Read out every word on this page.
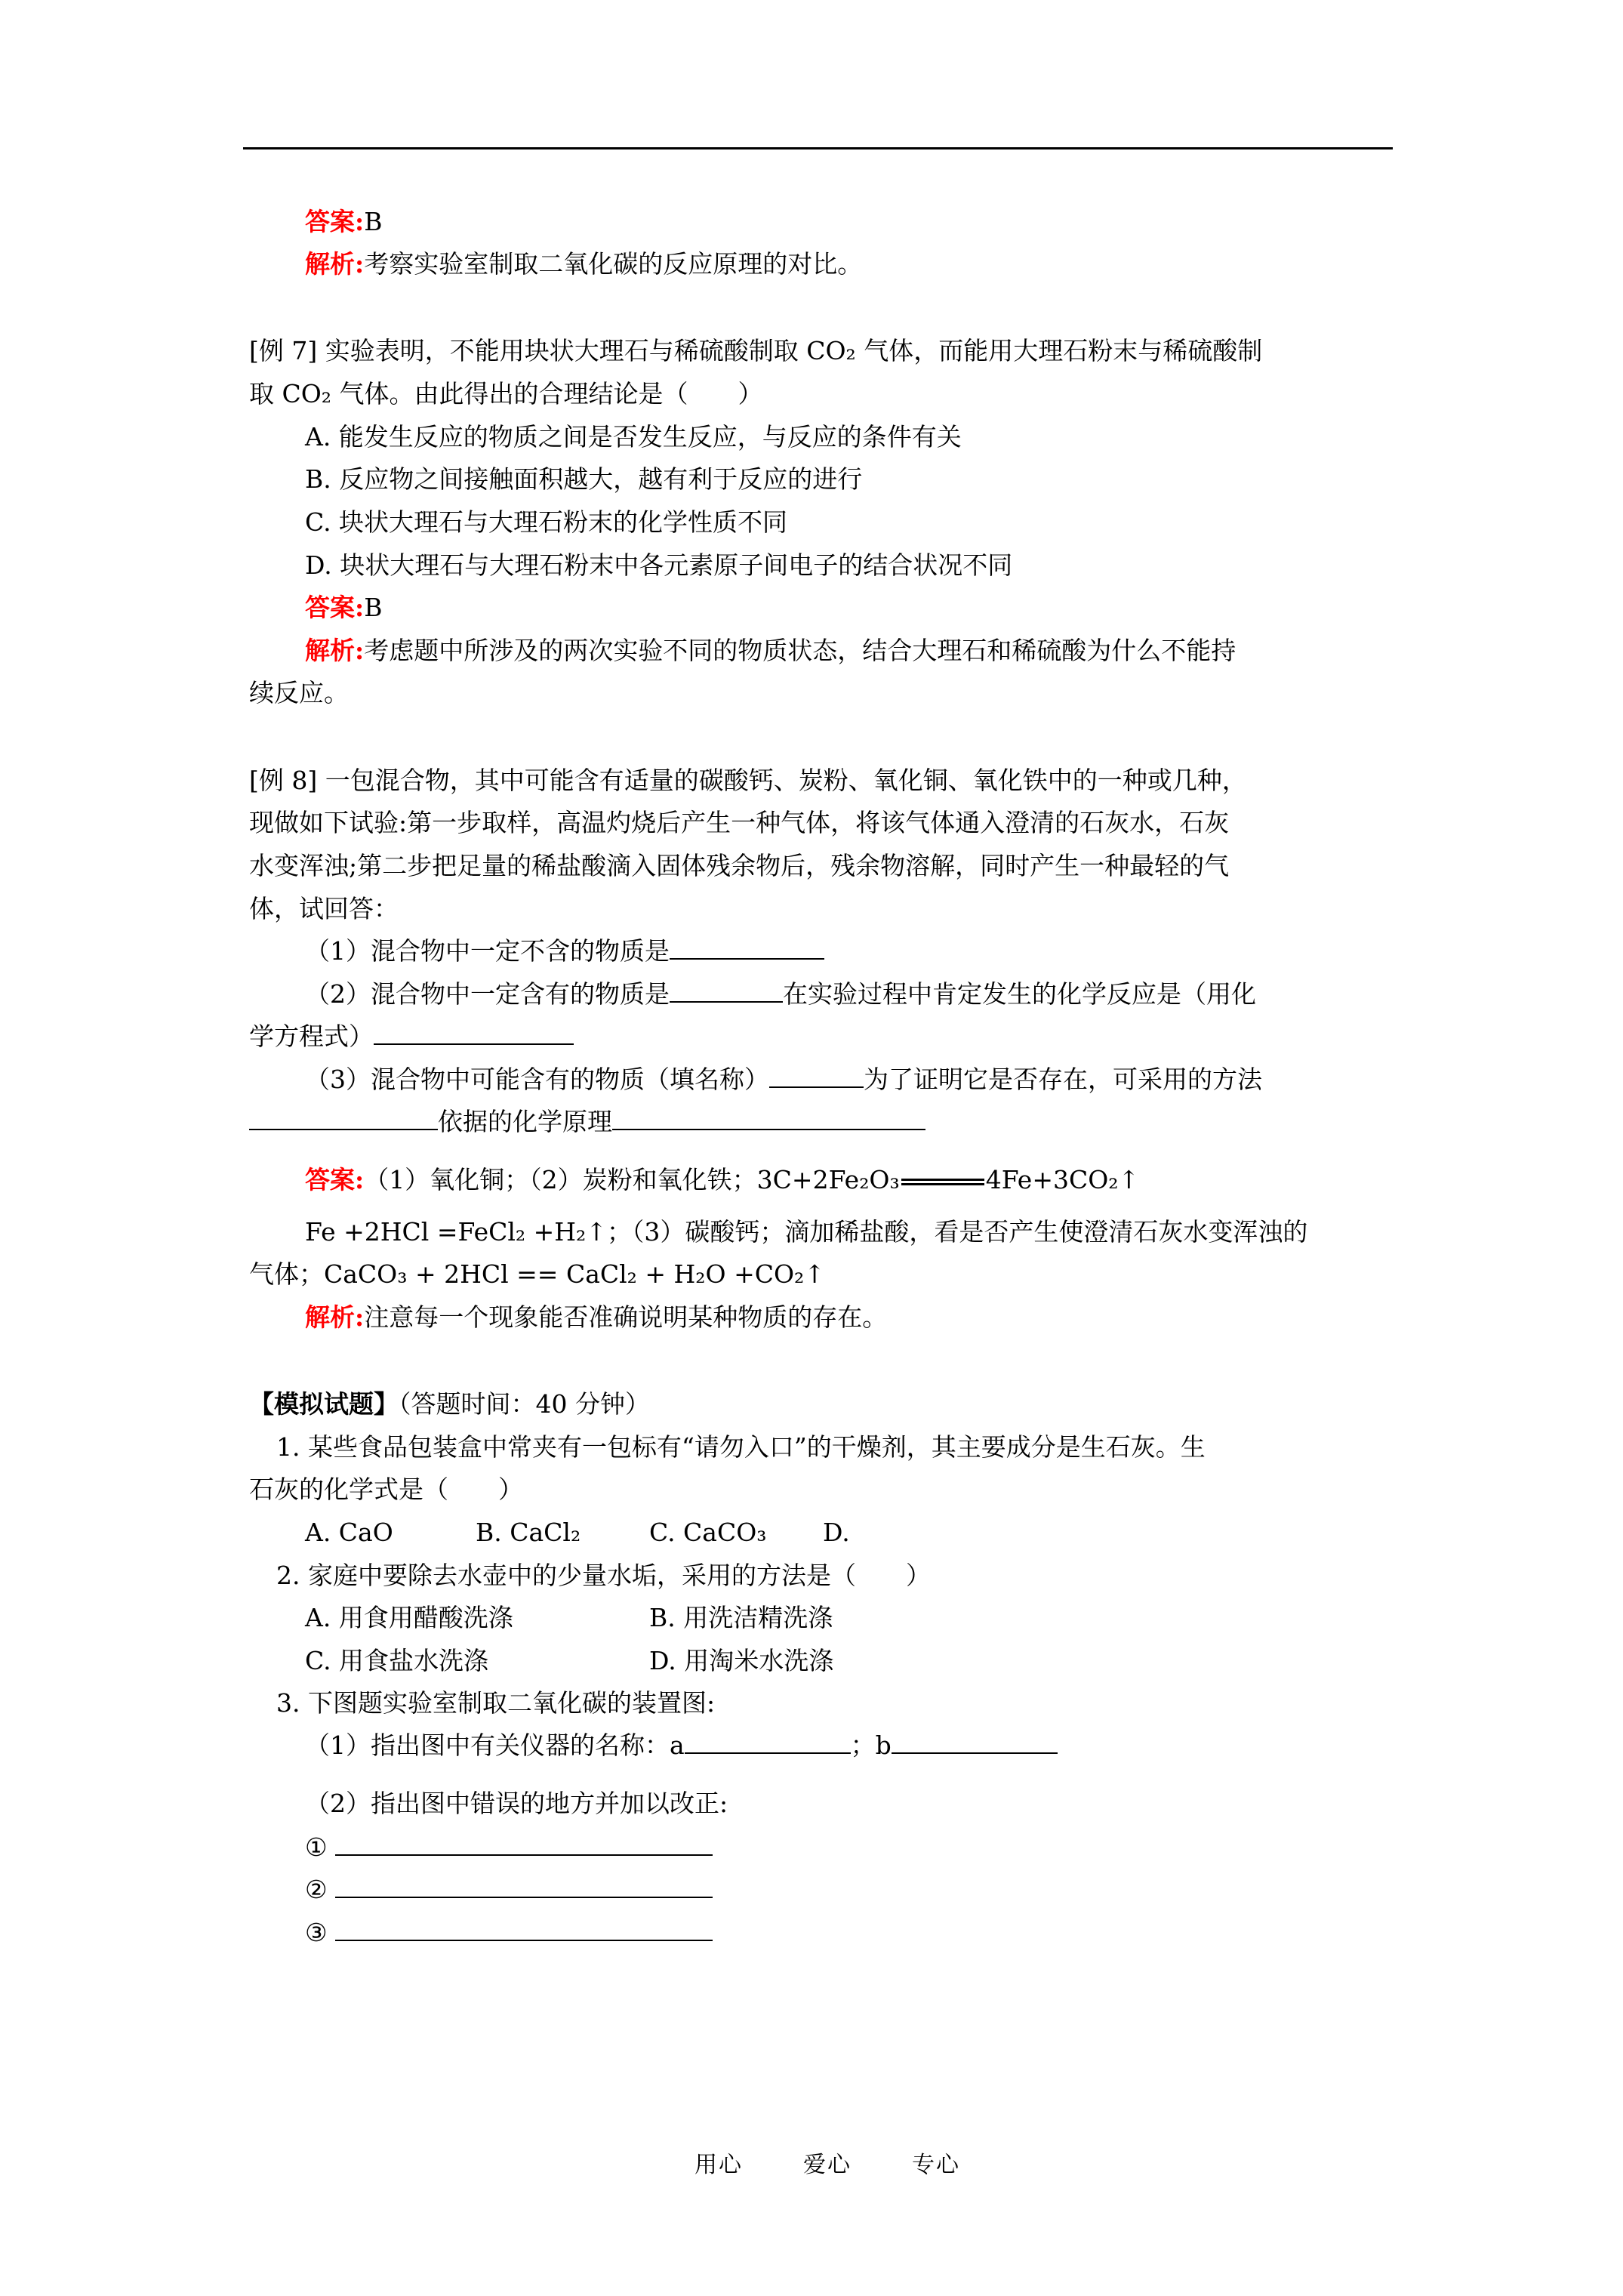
答案:B
解析:考察实验室制取二氧化碳的反应原理的对比。
[例 7] 实验表明，不能用块状大理石与稀硫酸制取 CO₂ 气体，而能用大理石粉末与稀硫酸制
取 CO₂ 气体。由此得出的合理结论是（　　）
A. 能发生反应的物质之间是否发生反应，与反应的条件有关
B. 反应物之间接触面积越大，越有利于反应的进行
C. 块状大理石与大理石粉末的化学性质不同
D. 块状大理石与大理石粉末中各元素原子间电子的结合状况不同
答案:B
解析:考虑题中所涉及的两次实验不同的物质状态，结合大理石和稀硫酸为什么不能持
续反应。
[例 8] 一包混合物，其中可能含有适量的碳酸钙、炭粉、氧化铜、氧化铁中的一种或几种，
现做如下试验:第一步取样，高温灼烧后产生一种气体，将该气体通入澄清的石灰水，石灰
水变浑浊;第二步把足量的稀盐酸滴入固体残余物后，残余物溶解，同时产生一种最轻的气
体，试回答：
（1）混合物中一定不含的物质是
（2）混合物中一定含有的物质是	在实验过程中肯定发生的化学反应是（用化
学方程式）
（3）混合物中可能含有的物质（填名称）	为了证明它是否存在，可采用的方法
依据的化学原理
答案:（1）氧化铜；（2）炭粉和氧化铁；3C+2Fe₂O₃	4Fe+3CO₂↑
Fe +2HCl =FeCl₂ +H₂↑；（3）碳酸钙；滴加稀盐酸，看是否产生使澄清石灰水变浑浊的
气体；CaCO₃ + 2HCl == CaCl₂ + H₂O +CO₂↑
解析:注意每一个现象能否准确说明某种物质的存在。
【模拟试题】（答题时间：40 分钟）
1. 某些食品包装盒中常夹有一包标有“请勿入口”的干燥剂，其主要成分是生石灰。生
石灰的化学式是（　　）
A. CaO	B. CaCl₂	C. CaCO₃ D.
2. 家庭中要除去水壶中的少量水垢，采用的方法是（　　）
A. 用食用醋酸洗涤	B. 用洗洁精洗涤
C. 用食盐水洗涤	D. 用淘米水洗涤
3. 下图题实验室制取二氧化碳的装置图:
（1）指出图中有关仪器的名称：a	；b
（2）指出图中错误的地方并加以改正:
①
②
③
用心	爱心	专心
